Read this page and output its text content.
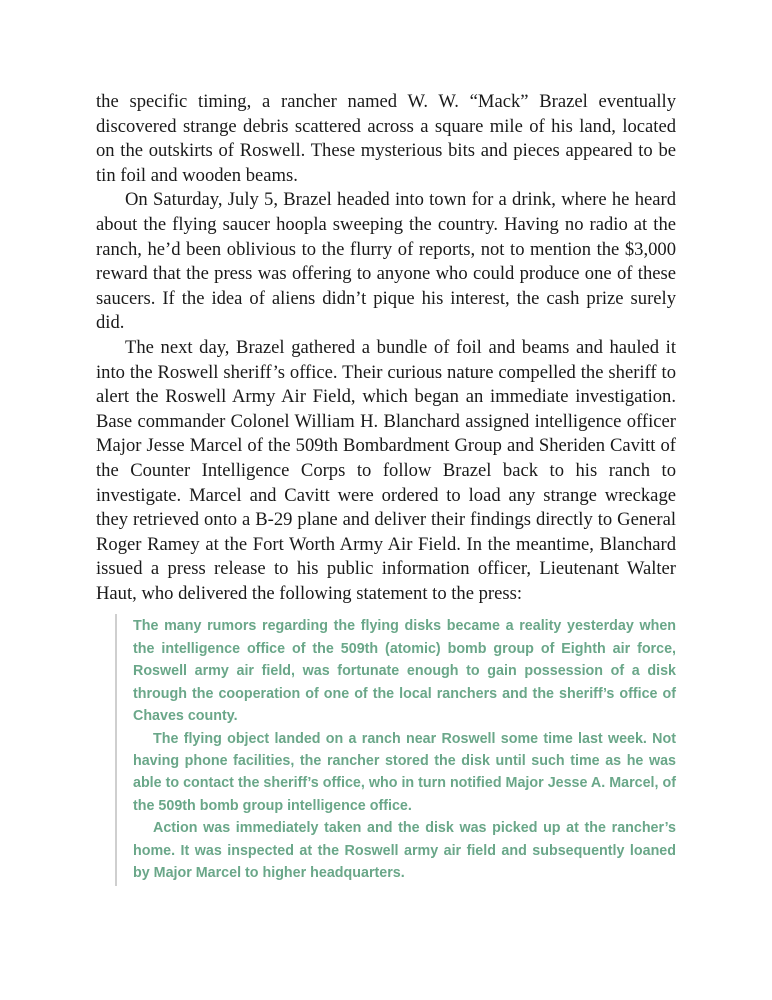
the specific timing, a rancher named W. W. “Mack” Brazel eventually discovered strange debris scattered across a square mile of his land, located on the outskirts of Roswell. These mysterious bits and pieces appeared to be tin foil and wooden beams.

On Saturday, July 5, Brazel headed into town for a drink, where he heard about the flying saucer hoopla sweeping the country. Having no radio at the ranch, he’d been oblivious to the flurry of reports, not to mention the $3,000 reward that the press was offering to anyone who could produce one of these saucers. If the idea of aliens didn’t pique his interest, the cash prize surely did.

The next day, Brazel gathered a bundle of foil and beams and hauled it into the Roswell sheriff’s office. Their curious nature compelled the sheriff to alert the Roswell Army Air Field, which began an immediate investigation. Base commander Colonel William H. Blanchard assigned intelligence officer Major Jesse Marcel of the 509th Bombardment Group and Sheriden Cavitt of the Counter Intelligence Corps to follow Brazel back to his ranch to investigate. Marcel and Cavitt were ordered to load any strange wreckage they retrieved onto a B-29 plane and deliver their findings directly to General Roger Ramey at the Fort Worth Army Air Field. In the meantime, Blanchard issued a press release to his public information officer, Lieutenant Walter Haut, who delivered the following statement to the press:

The many rumors regarding the flying disks became a reality yesterday when the intelligence office of the 509th (atomic) bomb group of Eighth air force, Roswell army air field, was fortunate enough to gain possession of a disk through the cooperation of one of the local ranchers and the sheriff’s office of Chaves county.

The flying object landed on a ranch near Roswell some time last week. Not having phone facilities, the rancher stored the disk until such time as he was able to contact the sheriff’s office, who in turn notified Major Jesse A. Marcel, of the 509th bomb group intelligence office.

Action was immediately taken and the disk was picked up at the rancher’s home. It was inspected at the Roswell army air field and subsequently loaned by Major Marcel to higher headquarters.
